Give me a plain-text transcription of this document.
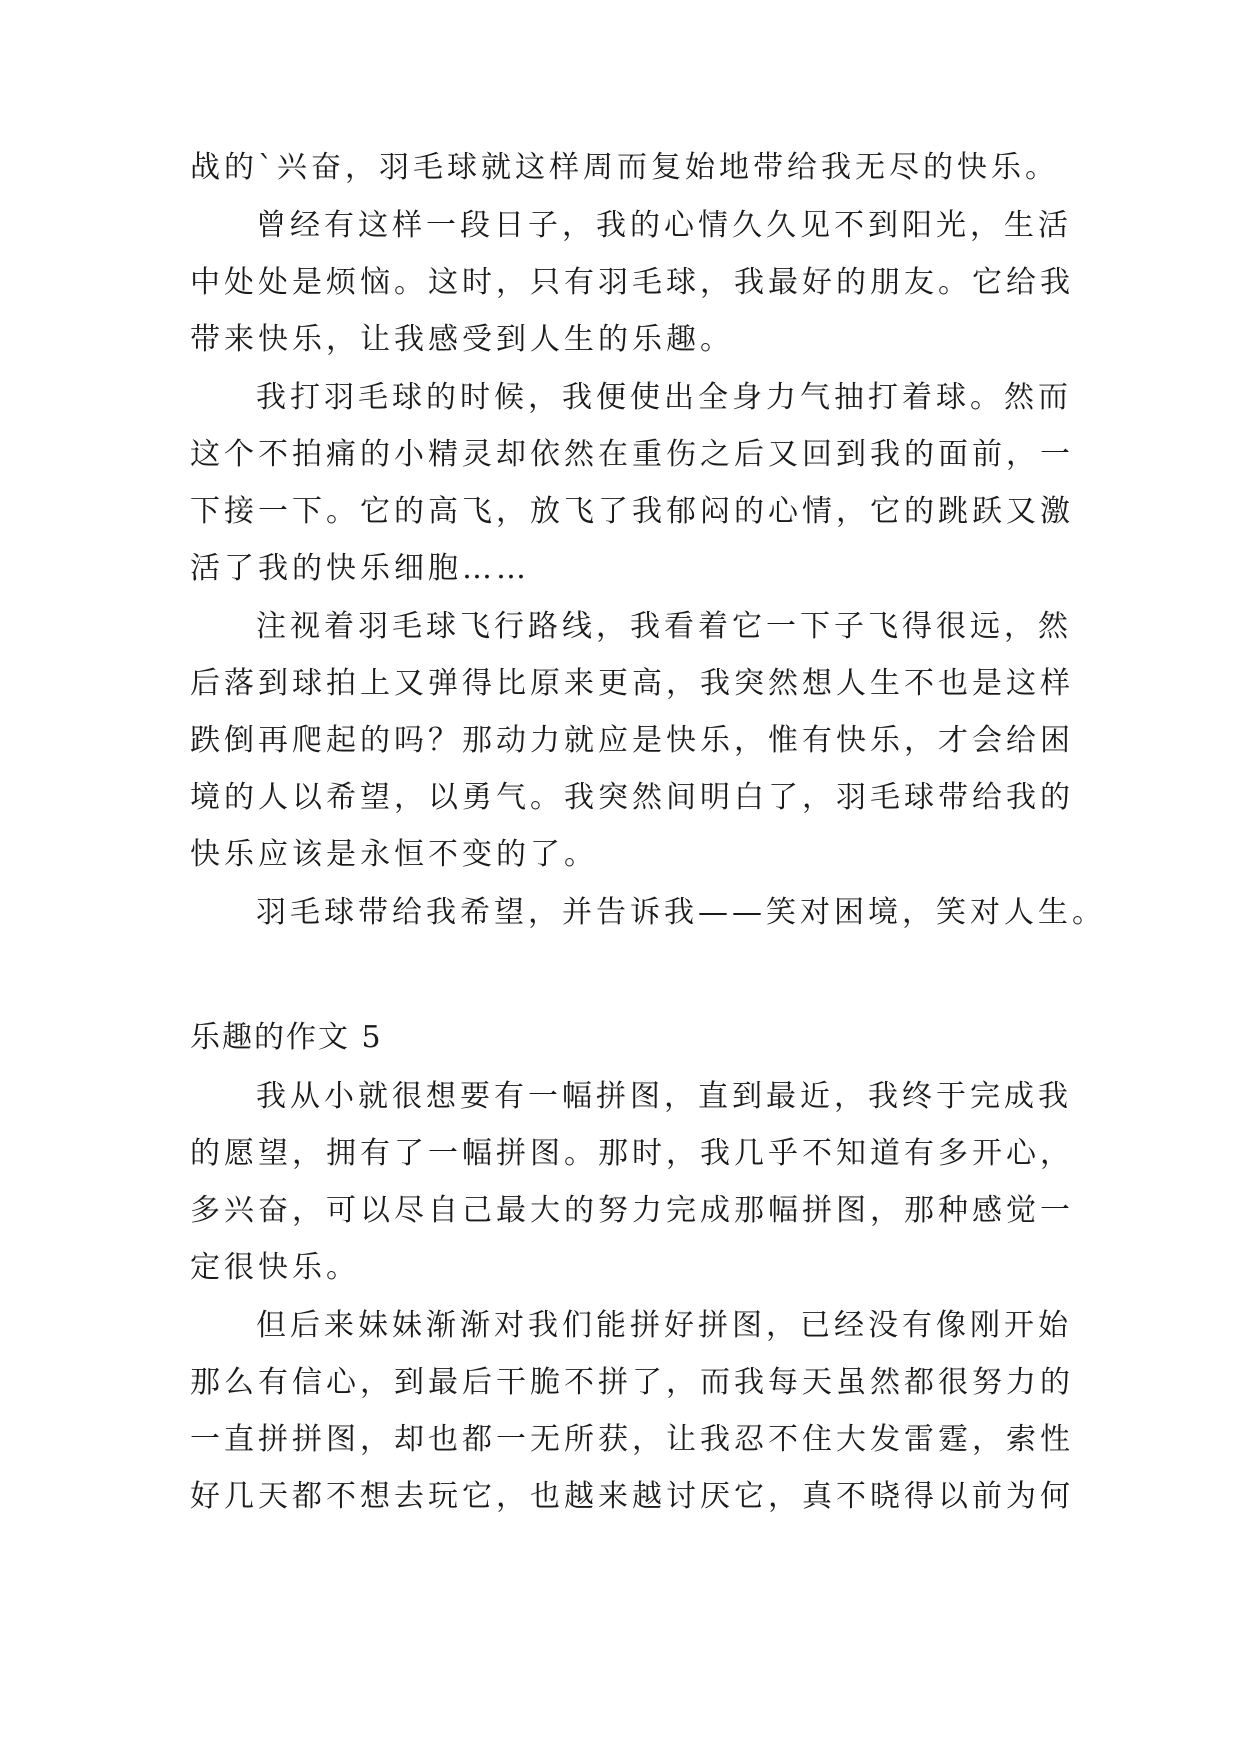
战的`兴奋，羽毛球就这样周而复始地带给我无尽的快乐。
曾经有这样一段日子，我的心情久久见不到阳光，生活
中处处是烦恼。这时，只有羽毛球，我最好的朋友。它给我
带来快乐，让我感受到人生的乐趣。
我打羽毛球的时候，我便使出全身力气抽打着球。然而
这个不拍痛的小精灵却依然在重伤之后又回到我的面前，一
下接一下。它的高飞，放飞了我郁闷的心情，它的跳跃又激
活了我的快乐细胞……
注视着羽毛球飞行路线，我看着它一下子飞得很远，然
后落到球拍上又弹得比原来更高，我突然想人生不也是这样
跌倒再爬起的吗？那动力就应是快乐，惟有快乐，才会给困
境的人以希望，以勇气。我突然间明白了，羽毛球带给我的
快乐应该是永恒不变的了。
羽毛球带给我希望，并告诉我——笑对困境，笑对人生。
乐趣的作文 5
我从小就很想要有一幅拼图，直到最近，我终于完成我
的愿望，拥有了一幅拼图。那时，我几乎不知道有多开心，
多兴奋，可以尽自己最大的努力完成那幅拼图，那种感觉一
定很快乐。
但后来妹妹渐渐对我们能拼好拼图，已经没有像刚开始
那么有信心，到最后干脆不拼了，而我每天虽然都很努力的
一直拼拼图，却也都一无所获，让我忍不住大发雷霆，索性
好几天都不想去玩它，也越来越讨厌它，真不晓得以前为何
